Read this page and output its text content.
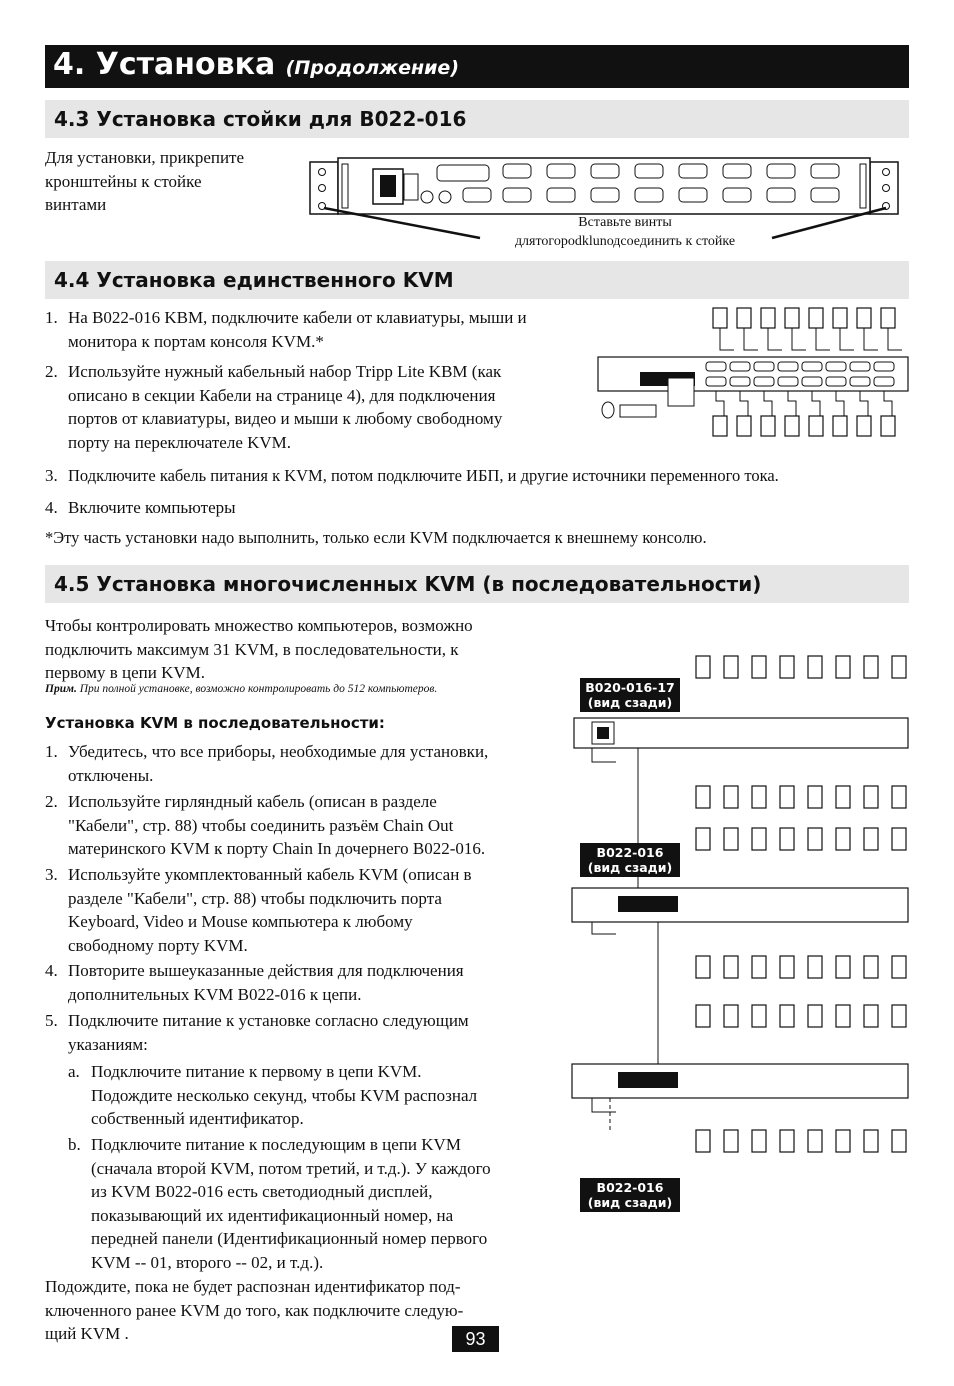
4. Установка (Продолжение)
4.3 Установка стойки для B022-016
Для установки, прикрепите
кронштейны к стойке
винтами
Вставьте винты
длятогоpodklunодсоединить к стойке
4.4 Установка единственного KVM
1. На B022-016 KBM, подключите кабели от клавиатуры, мыши и
монитора к портам консоля KVM.*
2. Используйте нужный кабельный набор Tripp Lite KBM (как
описано в секции Кабели на странице 4), для подключения
портов от клавиатуры, видео и мыши к любому свободному
порту на переключателе KVM.
3. Подключите кабель питания к KVM, потом подключите ИБП, и другие источники переменного тока.
4. Включите компьютеры
*Эту часть установки надо выполнить, только если KVM подключается к внешнему консолю.
4.5 Установка многочисленных KVM (в последовательности)
Чтобы контролировать множество компьютеров, возможно
подключить максимум 31 KVM, в последовательности, к
первому в цепи KVM.
Прим. При полной установке, возможно контролировать до 512 компьютеров.
Установка KVM в последовательности:
1. Убедитесь, что все приборы, необходимые для установки,
отключены.
2. Используйте гирляндный кабель (описан в разделе
"Кабели", стр. 88) чтобы соединить разъём Chain Out
материнского KVM к порту Chain In дочернего B022-016.
3. Используйте укомплектованный кабель KVM (описан в
разделе "Кабели", стр. 88) чтобы подключить порта
Keyboard, Video и Mouse компьютера к любому
свободному порту KVM.
4. Повторите вышеуказанные действия для подключения
дополнительных KVM B022-016 к цепи.
5. Подключите питание к установке согласно следующим
указаниям:
a. Подключите питание к первому в цепи KVM.
Подождите несколько секунд, чтобы KVM распознал
собственный идентификатор.
b. Подключите питание к последующим в цепи KVM
(сначала второй KVM, потом третий, и т.д.). У каждого
из KVM B022-016 есть светодиодный дисплей,
показывающий их идентификационный номер, на
передней панели (Идентификационный номер первого
KVM -- 01, второго -- 02, и т.д.).
Подождите, пока не будет распознан идентификатор под-
ключенного ранее KVM до того, как подключите следую-
щий KVM .
B020-016-17
(вид сзади)
B022-016
(вид сзади)
B022-016
(вид сзади)
93
